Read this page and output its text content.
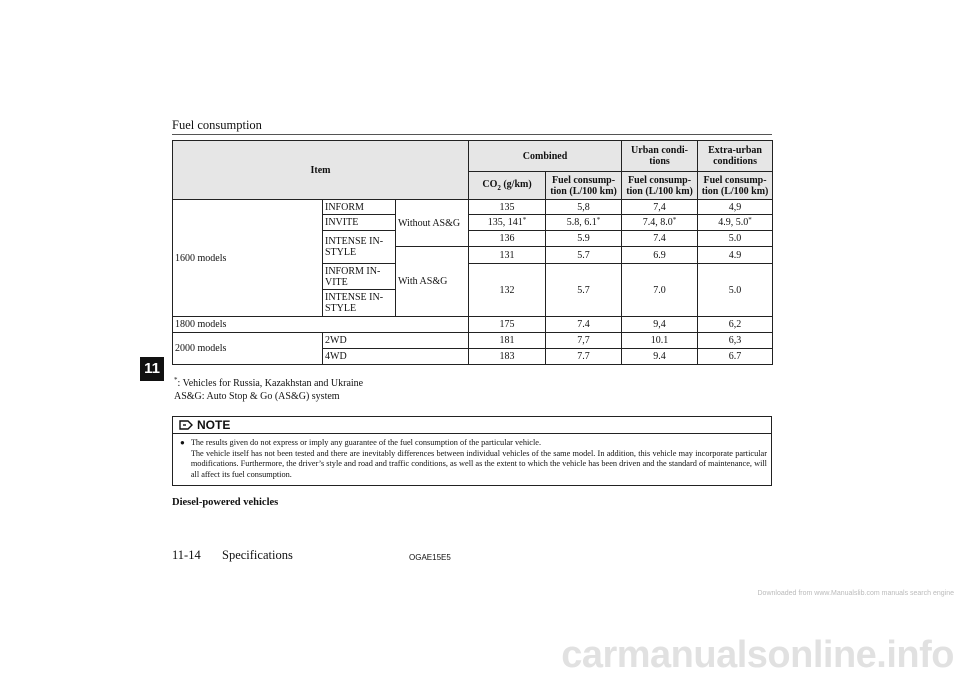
Fuel consumption
11
Item			Combined		Urban condi-tions	Extra-urban conditions
			$CO_2$ (g/km)	Fuel consump-tion (L/100 km)	Fuel consump-tion (L/100 km)	Fuel consump-tion (L/100 km)
1600 models	INFORM	Without AS&G	135	5,8	7,4	4,9
	INVITE		135, 141*	5.8, 6.1*	7.4, 8.0*	4.9, 5.0*
	INTENSE IN-STYLE		136	5.9	7.4	5.0
		With AS&G	131	5.7	6.9	4.9
	INFORM IN-VITE		132	5.7	7.0	5.0
	INTENSE IN-STYLE					
1800 models			175	7.4	9,4	6,2
2000 models	2WD		181	7,7	10.1	6,3
	4WD		183	7.7	9.4	6.7
*: Vehicles for Russia, Kazakhstan and Ukraine
AS&G: Auto Stop & Go (AS&G) system
NOTE
● The results given do not express or imply any guarantee of the fuel consumption of the particular vehicle.

The vehicle itself has not been tested and there are inevitably differences between individual vehicles of the same model. In addition, this vehicle may incorporate particular modifications. Furthermore, the driver’s style and road and traffic conditions, as well as the extent to which the vehicle has been driven and the standard of maintenance, will all affect its fuel consumption.

Diesel-powered vehicles
11-14 Specifications	OGAE15E5
Downloaded from www.Manualslib.com manuals search engine
carmanualsonline.info
